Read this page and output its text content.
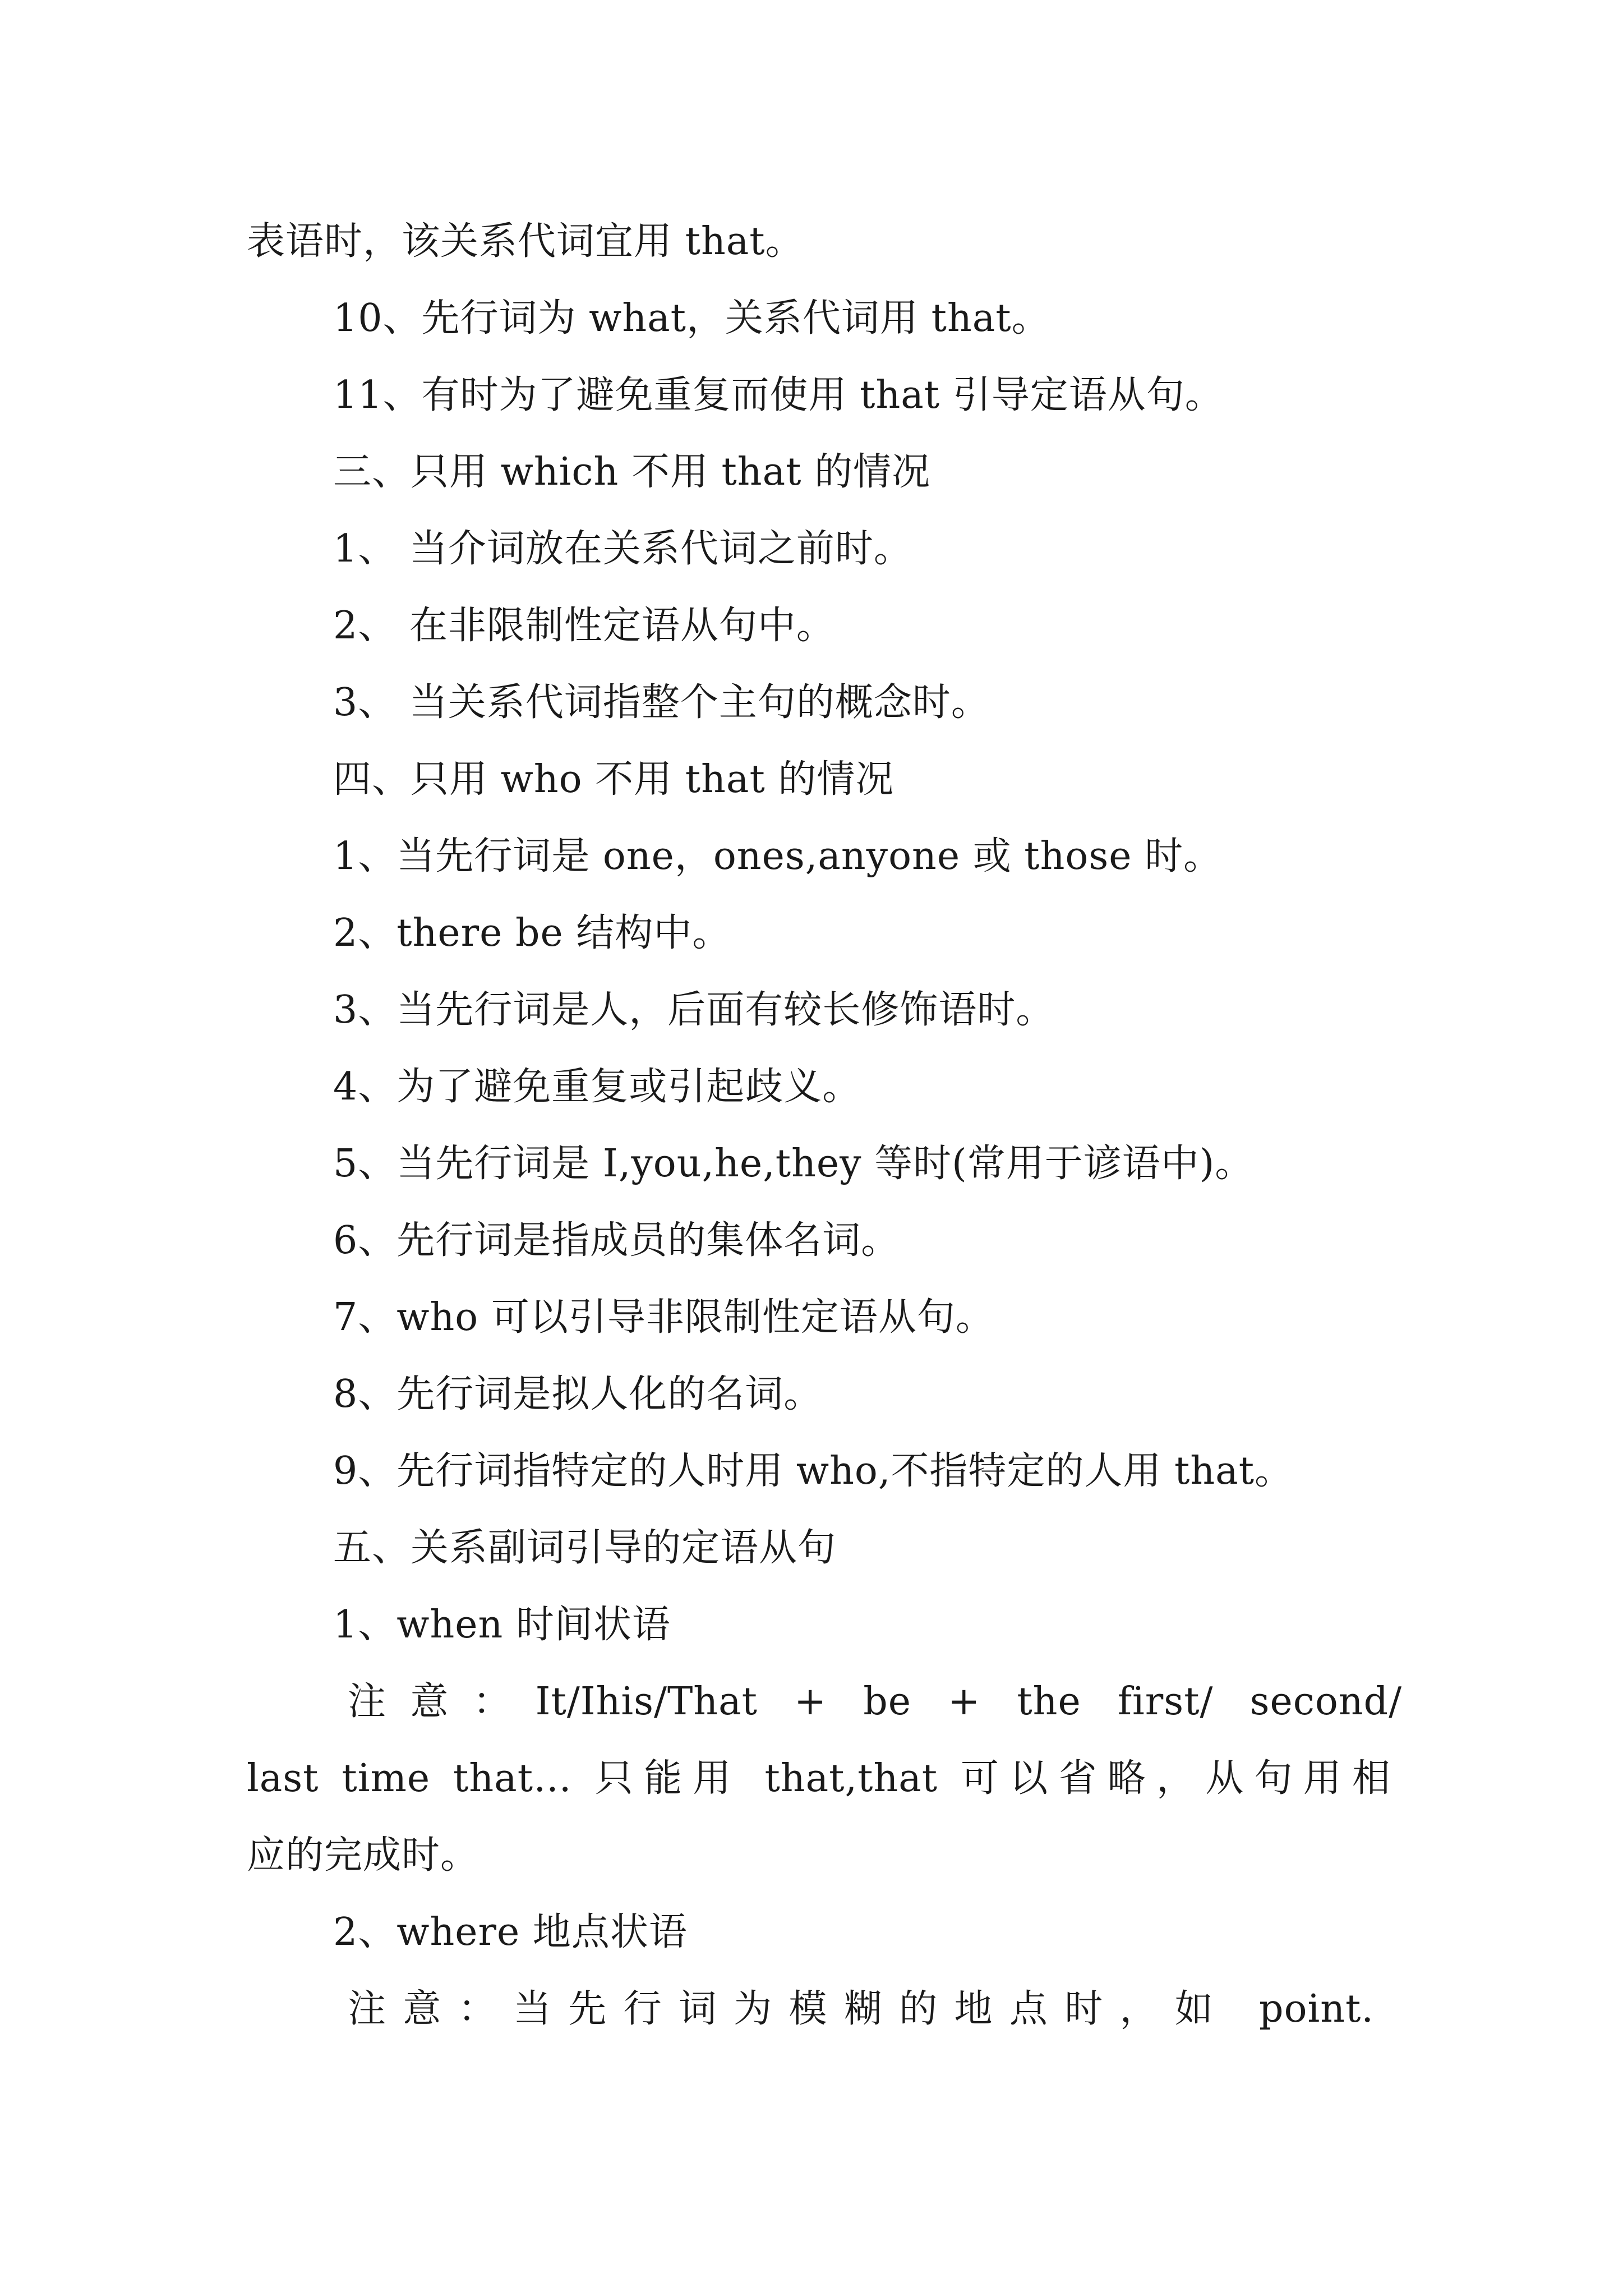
表语时，该关系代词宜用 that。

10、先行词为 what，关系代词用 that。

11、有时为了避免重复而使用 that 引导定语从句。

三、只用 which 不用 that 的情况

1、 当介词放在关系代词之前时。

2、 在非限制性定语从句中。

3、 当关系代词指整个主句的概念时。

四、只用 who 不用 that 的情况

1、当先行词是 one，ones,anyone 或 those 时。

2、there be 结构中。

3、当先行词是人，后面有较长修饰语时。

4、为了避免重复或引起歧义。

5、当先行词是 I,you,he,they 等时(常用于谚语中)。

6、先行词是指成员的集体名词。

7、who 可以引导非限制性定语从句。

8、先行词是拟人化的名词。

9、先行词指特定的人时用 who,不指特定的人用 that。

五、关系副词引导的定语从句

1、when 时间状语

注意：It/Ihis/That + be + the first/ second/

last time that… 只能用 that,that 可以省略，从句用相

应的完成时。

2、where 地点状语

注意：当先行词为模糊的地点时，如 point.
